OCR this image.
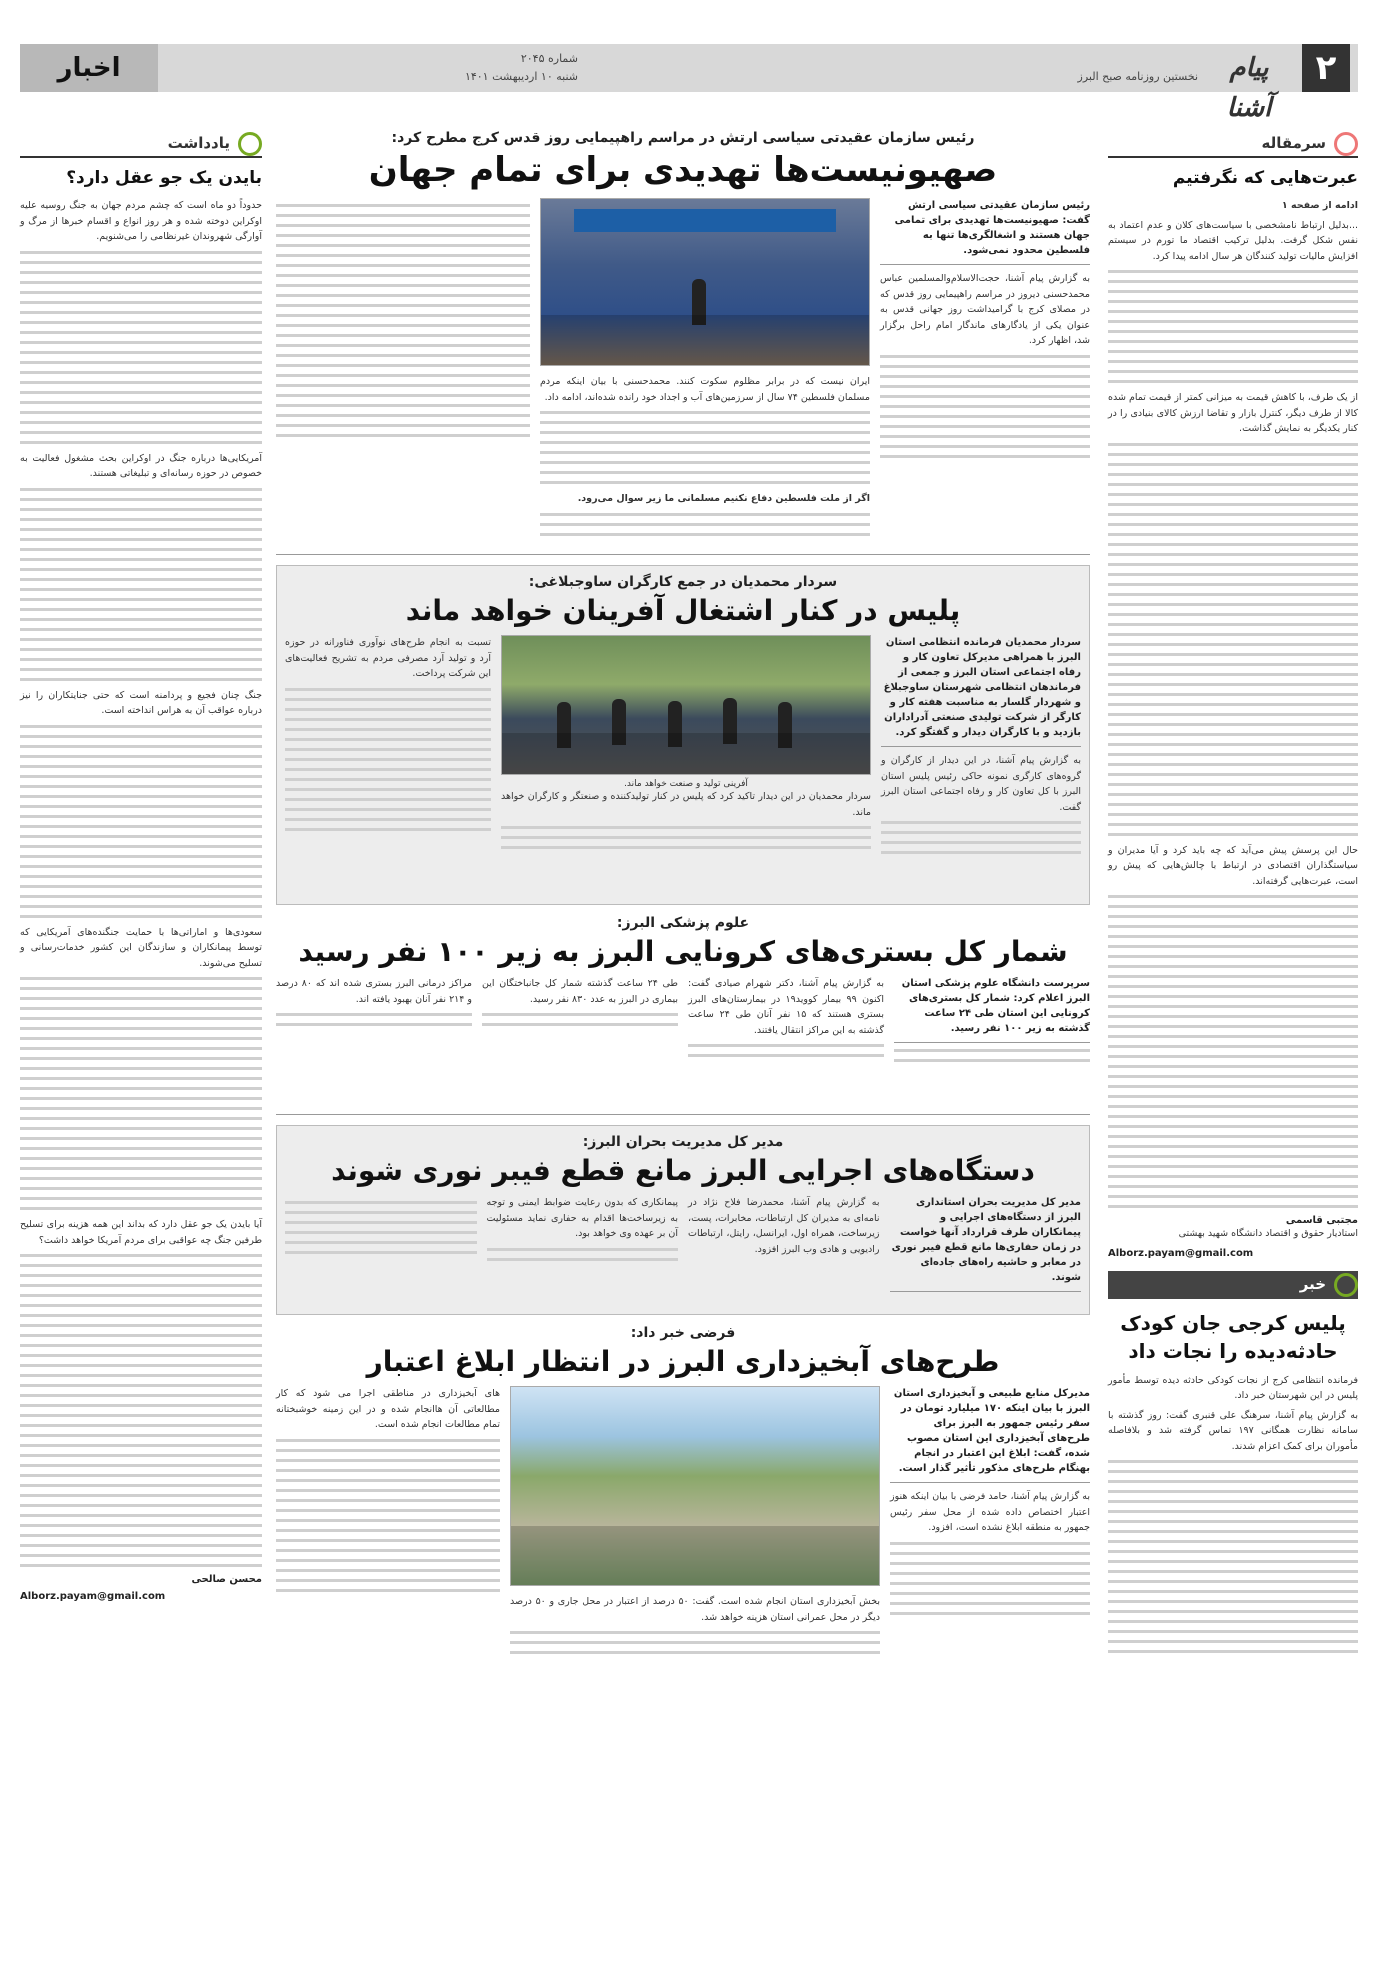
۲
پیام آشنا
نخستین روزنامه صبح البرز
شماره ۲۰۴۵
شنبه ۱۰ اردیبهشت ۱۴۰۱
اخبار
سرمقاله
عبرت‌هایی که نگرفتیم

ادامه از صفحه ۱

...بدلیل ارتباط نامشخصی با سیاست‌های کلان و عدم اعتماد به نفس شکل گرفت. بدلیل ترکیب اقتصاد ما تورم در سیستم افزایش مالیات تولید کنندگان هر سال ادامه پیدا کرد.

از یک طرف، با کاهش قیمت به میزانی کمتر از قیمت تمام شده کالا از طرف دیگر، کنترل بازار و تقاضا ارزش کالای بنیادی را در کنار یکدیگر به نمایش گذاشت.

حال این پرسش پیش می‌آید که چه باید کرد و آیا مدیران و سیاستگذاران اقتصادی در ارتباط با چالش‌هایی که پیش رو است، عبرت‌هایی گرفته‌اند.

مجتبی قاسمی
استادیار حقوق و اقتصاد دانشگاه شهید بهشتی
Alborz.payam@gmail.com
خبر
پلیس کرجی جان کودک حادثه‌دیده را نجات داد

فرمانده انتظامی کرج از نجات کودکی حادثه دیده توسط مأمور پلیس در این شهرستان خبر داد.

به گزارش پیام آشنا، سرهنگ علی قنبری گفت: روز گذشته با سامانه نظارت همگانی ۱۹۷ تماس گرفته شد و بلافاصله مأموران برای کمک اعزام شدند.

یادداشت
بایدن یک جو عقل دارد؟

حدوداً دو ماه است که چشم مردم جهان به جنگ روسیه علیه اوکراین دوخته شده و هر روز انواع و اقسام خبرها از مرگ و آوارگی شهروندان غیرنظامی را می‌شنویم.

آمریکایی‌ها درباره جنگ در اوکراین بحث مشغول فعالیت به خصوص در حوزه رسانه‌ای و تبلیغاتی هستند.

جنگ چنان فجیع و پردامنه است که حتی جنایتکاران را نیز درباره عواقب آن به هراس انداخته است.

سعودی‌ها و اماراتی‌ها با حمایت جنگنده‌های آمریکایی که توسط پیمانکاران و سازندگان این کشور خدمات‌رسانی و تسلیح می‌شوند.

آیا بایدن یک جو عقل دارد که بداند این همه هزینه برای تسلیح طرفین جنگ چه عواقبی برای مردم آمریکا خواهد داشت؟

محسن صالحی
Alborz.payam@gmail.com
رئیس سازمان عقیدتی سیاسی ارتش در مراسم راهپیمایی روز قدس کرج مطرح کرد:
صهیونیست‌ها تهدیدی برای تمام جهان
رئیس سازمان عقیدتی سیاسی ارتش گفت: صهیونیست‌ها تهدیدی برای تمامی جهان هستند و اشغالگری‌ها تنها به فلسطین محدود نمی‌شود.

به گزارش پیام آشنا، حجت‌الاسلام‌والمسلمین عباس محمدحسنی دیروز در مراسم راهپیمایی روز قدس که در مصلای کرج با گرامیداشت روز جهانی قدس به عنوان یکی از یادگارهای ماندگار امام راحل برگزار شد، اظهار کرد.

ایران نیست که در برابر مظلوم سکوت کنند. محمدحسنی با بیان اینکه مردم مسلمان فلسطین ۷۴ سال از سرزمین‌های آب و اجداد خود رانده شده‌اند، ادامه داد.

اگر از ملت فلسطین دفاع نکنیم مسلمانی ما زیر سوال می‌رود.

سردار محمدیان در جمع کارگران ساوجبلاغی:
پلیس در کنار اشتغال آفرینان خواهد ماند
سردار محمدیان فرمانده انتظامی استان البرز با همراهی مدیرکل تعاون کار و رفاه اجتماعی استان البرز و جمعی از فرماندهان انتظامی شهرستان ساوجبلاغ و شهردار گلسار به مناسبت هفته کار و کارگر از شرکت تولیدی صنعتی آدراداران بازدید و با کارگران دیدار و گفتگو کرد.

به گزارش پیام آشنا، در این دیدار از کارگران و گروه‌های کارگری نمونه حاکی رئیس پلیس استان البرز با کل تعاون کار و رفاه اجتماعی استان البرز گفت.

آفرینی تولید و صنعت خواهد ماند.

سردار محمدیان در این دیدار تاکید کرد که پلیس در کنار تولیدکننده و صنعتگر و کارگران خواهد ماند.

تسبت به انجام طرح‌های نوآوری فناورانه در حوزه آرد و تولید آرد مصرفی مردم به تشریح فعالیت‌های این شرکت پرداخت.

علوم پزشکی البرز:
شمار کل بستری‌های کرونایی البرز به زیر ۱۰۰ نفر رسید
سرپرست دانشگاه علوم پزشکی استان البرز اعلام کرد: شمار کل بستری‌های کرونایی این استان طی ۲۴ ساعت گذشته به زیر ۱۰۰ نفر رسید.

به گزارش پیام آشنا، دکتر شهرام صیادی گفت: اکنون ۹۹ بیمار کووید۱۹ در بیمارستان‌های البرز بستری هستند که ۱۵ نفر آنان طی ۲۴ ساعت گذشته به این مراکز انتقال یافتند.

طی ۲۴ ساعت گذشته شمار کل جانباختگان این بیماری در البرز به عدد ۸۳۰ نفر رسید.

مراکز درمانی البرز بستری شده اند که ۸۰ درصد و ۲۱۴ نفر آنان بهبود یافته اند.

مدیر کل مدیریت بحران البرز:
دستگاه‌های اجرایی البرز مانع قطع فیبر نوری شوند
مدیر کل مدیریت بحران استانداری البرز از دستگاه‌های اجرایی و پیمانکاران طرف قرارداد آنها خواست در زمان حفاری‌ها مانع قطع فیبر نوری در معابر و حاشیه راه‌های جاده‌ای شوند.

به گزارش پیام آشنا، محمدرضا فلاح نژاد در نامه‌ای به مدیران کل ارتباطات، مخابرات، پست، زیرساخت، همراه اول، ایرانسل، رایتل، ارتباطات رادیویی و هادی وب البرز افزود.

پیمانکاری که بدون رعایت ضوابط ایمنی و توجه به زیرساخت‌ها اقدام به حفاری نماید مسئولیت آن بر عهده وی خواهد بود.

فرضی خبر داد:
طرح‌های آبخیزداری البرز در انتظار ابلاغ اعتبار
مدیرکل منابع طبیعی و آبخیزداری استان البرز با بیان اینکه ۱۷۰ میلیارد تومان در سفر رئیس جمهور به البرز برای طرح‌های آبخیزداری این استان مصوب شده، گفت: ابلاغ این اعتبار در انجام بهنگام طرح‌های مذکور تأثیر گذار است.

به گزارش پیام آشنا، حامد فرضی با بیان اینکه هنوز اعتبار اختصاص داده شده از محل سفر رئیس جمهور به منطقه ابلاغ نشده است، افزود.

بخش آبخیزداری استان انجام شده است. گفت: ۵۰ درصد از اعتبار در محل جاری و ۵۰ درصد دیگر در محل عمرانی استان هزینه خواهد شد.

های آبخیزداری در مناطقی اجرا می شود که کار مطالعاتی آن هاانجام شده و در این زمینه خوشبختانه تمام مطالعات انجام شده است.
